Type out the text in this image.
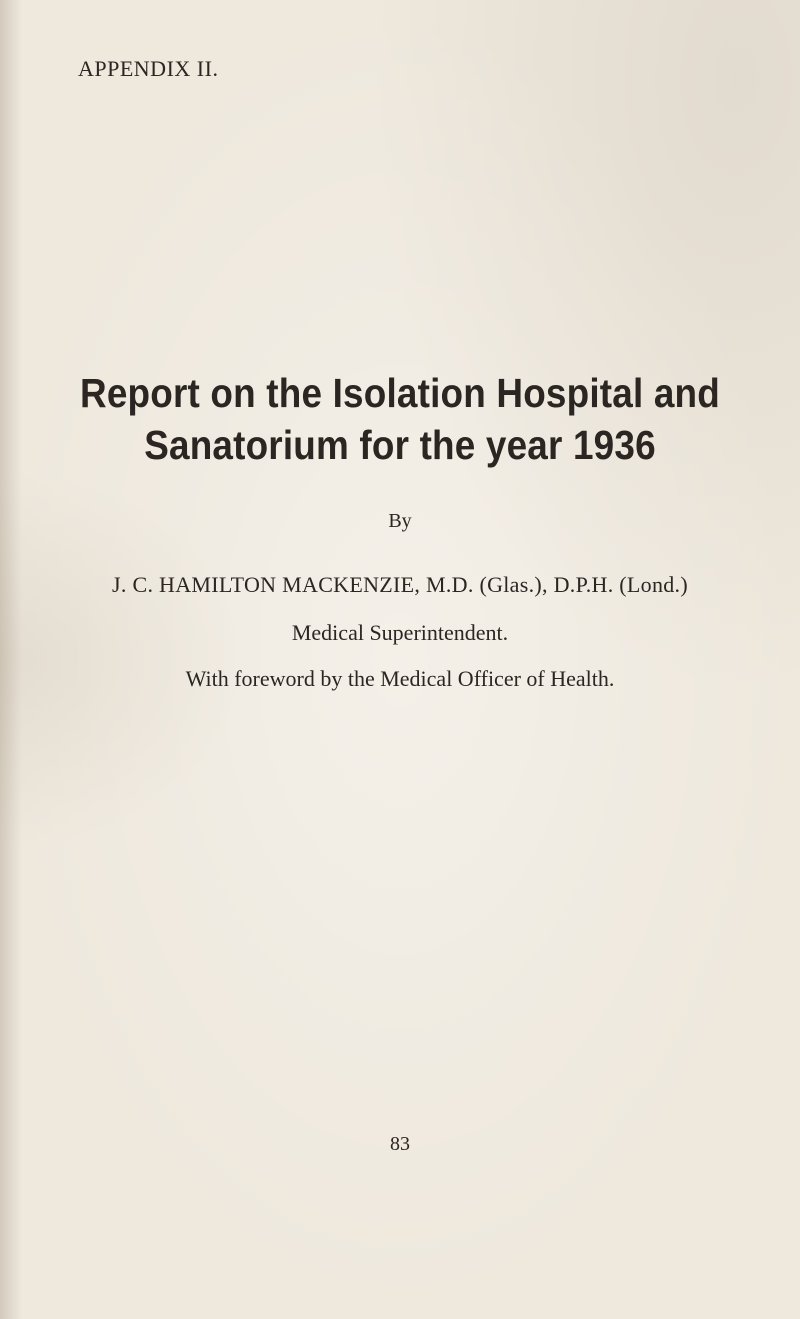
APPENDIX II.
Report on the Isolation Hospital and
Sanatorium for the year 1936
By
J. C. HAMILTON MACKENZIE, M.D. (Glas.), D.P.H. (Lond.)
Medical Superintendent.
With foreword by the Medical Officer of Health.
83
